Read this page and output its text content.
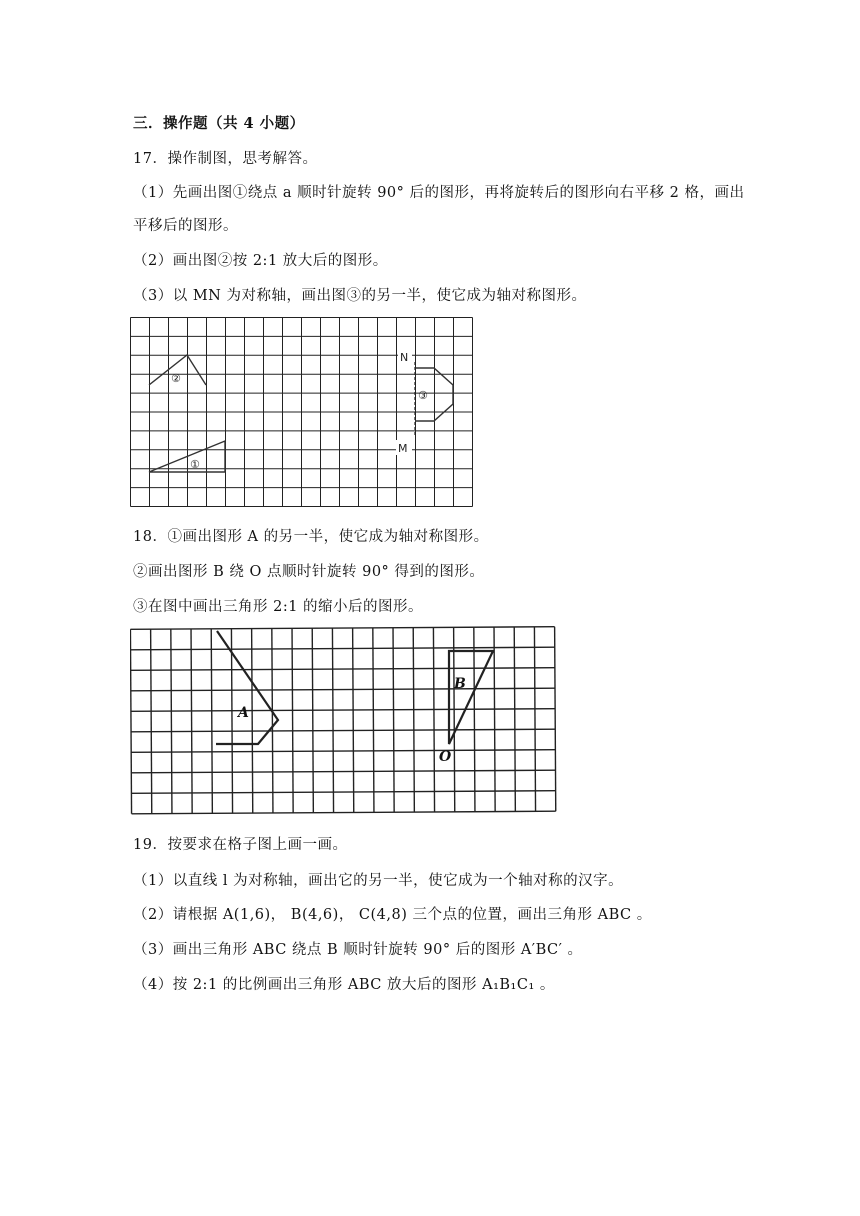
三．操作题（共 4 小题）
17．操作制图，思考解答。
（1）先画出图①绕点 a 顺时针旋转 90° 后的图形，再将旋转后的图形向右平移 2 格，画出
平移后的图形。
（2）画出图②按 2:1 放大后的图形。
（3）以 MN 为对称轴，画出图③的另一半，使它成为轴对称图形。
N
M
②
①
③
18．①画出图形 A 的另一半，使它成为轴对称图形。
②画出图形 B 绕 O 点顺时针旋转 90° 得到的图形。
③在图中画出三角形 2:1 的缩小后的图形。
A
B
O
19．按要求在格子图上画一画。
（1）以直线 l 为对称轴，画出它的另一半，使它成为一个轴对称的汉字。
（2）请根据 A(1,6)， B(4,6)， C(4,8) 三个点的位置，画出三角形 ABC 。
（3）画出三角形 ABC 绕点 B 顺时针旋转 90° 后的图形 A′BC′ 。
（4）按 2:1 的比例画出三角形 ABC 放大后的图形 A₁B₁C₁ 。
